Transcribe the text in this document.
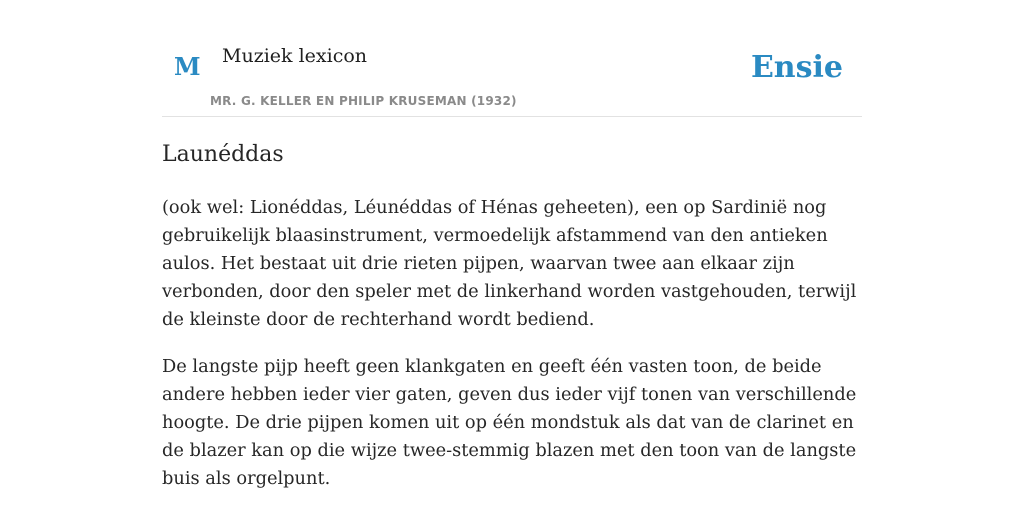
M Muziek lexicon
MR. G. KELLER EN PHILIP KRUSEMAN (1932)
Ensie
Launéddas

(ook wel: Lionéddas, Léunéddas of Hénas geheeten), een op Sardinië nog gebruikelijk blaasinstrument, vermoedelijk afstammend van den antieken aulos. Het bestaat uit drie rieten pijpen, waarvan twee aan elkaar zijn verbonden, door den speler met de linkerhand worden vastgehouden, terwijl de kleinste door de rechterhand wordt bediend.

De langste pijp heeft geen klankgaten en geeft één vasten toon, de beide andere hebben ieder vier gaten, geven dus ieder vijf tonen van verschillende hoogte. De drie pijpen komen uit op één mondstuk als dat van de clarinet en de blazer kan op die wijze twee-stemmig blazen met den toon van de langste buis als orgelpunt.
